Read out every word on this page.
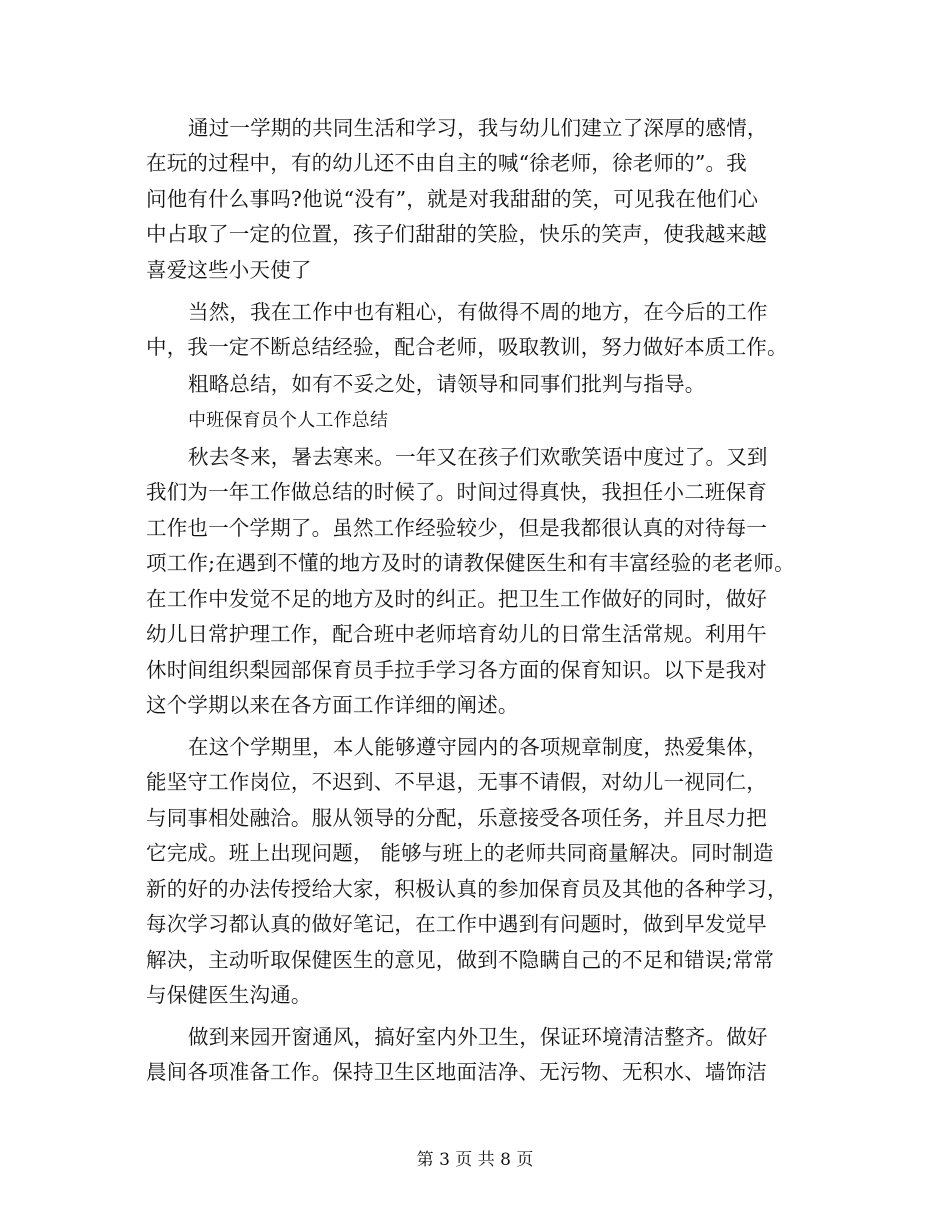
通过一学期的共同生活和学习，我与幼儿们建立了深厚的感情，
在玩的过程中，有的幼儿还不由自主的喊“徐老师，徐老师的”。我
问他有什么事吗?他说“没有”，就是对我甜甜的笑，可见我在他们心
中占取了一定的位置，孩子们甜甜的笑脸，快乐的笑声，使我越来越
喜爱这些小天使了
当然，我在工作中也有粗心，有做得不周的地方，在今后的工作
中，我一定不断总结经验，配合老师，吸取教训，努力做好本质工作。
粗略总结，如有不妥之处，请领导和同事们批判与指导。
中班保育员个人工作总结
秋去冬来，暑去寒来。一年又在孩子们欢歌笑语中度过了。又到
我们为一年工作做总结的时候了。时间过得真快，我担任小二班保育
工作也一个学期了。虽然工作经验较少，但是我都很认真的对待每一
项工作;在遇到不懂的地方及时的请教保健医生和有丰富经验的老老师。
在工作中发觉不足的地方及时的纠正。把卫生工作做好的同时，做好
幼儿日常护理工作，配合班中老师培育幼儿的日常生活常规。利用午
休时间组织梨园部保育员手拉手学习各方面的保育知识。以下是我对
这个学期以来在各方面工作详细的阐述。
在这个学期里，本人能够遵守园内的各项规章制度，热爱集体，
能坚守工作岗位，不迟到、不早退，无事不请假，对幼儿一视同仁，
与同事相处融洽。服从领导的分配，乐意接受各项任务，并且尽力把
它完成。班上出现问题， 能够与班上的老师共同商量解决。同时制造
新的好的办法传授给大家，积极认真的参加保育员及其他的各种学习，
每次学习都认真的做好笔记，在工作中遇到有问题时，做到早发觉早
解决，主动听取保健医生的意见，做到不隐瞒自己的不足和错误;常常
与保健医生沟通。
做到来园开窗通风，搞好室内外卫生，保证环境清洁整齐。做好
晨间各项准备工作。保持卫生区地面洁净、无污物、无积水、墙饰洁
第 3 页 共 8 页
